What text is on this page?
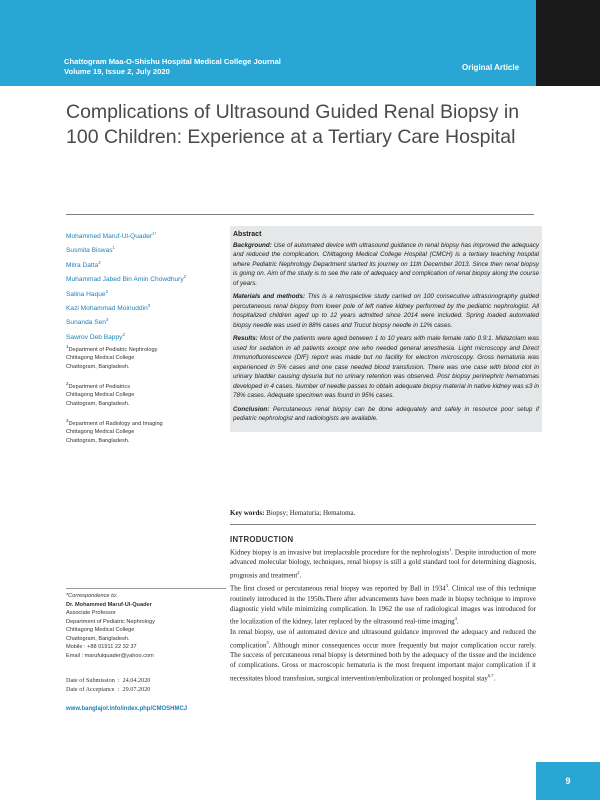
Chattogram Maa-O-Shishu Hospital Medical College Journal
Volume 19, Issue 2, July 2020	Original Article
Complications of Ultrasound Guided Renal Biopsy in 100 Children: Experience at a Tertiary Care Hospital
Mohammed Maruf-Ul-Quader$^{1*}$
Susmita Biswas$^1$
Mitra Datta$^2$
Muhammad Jabed Bin Amin Chowdhury$^2$
Salina Haque$^2$
Kazi Mohammad Moinuddin$^3$
Sunanda Sen$^3$
Sawrov Deb Bappy$^2$
$^1$Department of Pediatric Nephrology
Chittagong Medical College
Chattogram, Bangladesh.
$^2$Department of Pediatrics
Chittagong Medical College
Chattogram, Bangladesh.
$^3$Department of Radiology and Imaging
Chittagong Medical College
Chattogram, Bangladesh.
*Correspondence to:
Dr. Mohammed Maruf-Ul-Quader
Associate Professor
Department of Pediatric Nephrology
Chittagong Medical College
Chattogram, Bangladesh.
Mobile : +88 01911 22 32 37
Email : marufulquader@yahoo.com
Date of Submission	:	24.04.2020
Date of Acceptance	:	29.07.2020
www.banglajol.info/index.php/CMOSHMCJ
Abstract

Background: Use of automated device with ultrasound guidance in renal biopsy has improved the adequacy and reduced the complication. Chittagong Medical College Hospital (CMCH) is a tertiary teaching hospital where Pediatric Nephrology Department started its journey on 11th December 2013. Since then renal biopsy is going on. Aim of the study is to see the rate of adequacy and complication of renal biopsy along the course of years.

Materials and methods: This is a retrospective study carried on 100 consecutive ultrasonography guided percutaneous renal biopsy from lower pole of left native kidney performed by the pediatric nephrologist. All hospitalized children aged up to 12 years admitted since 2014 were included. Spring loaded automated biopsy needle was used in 88% cases and Trucut biopsy needle in 12% cases.

Results: Most of the patients were aged between 1 to 10 years with male female ratio 0.9:1. Midazolam was used for sedation in all patients except one who needed general anesthesia. Light microscopy and Direct Immunofluorescence (DIF) report was made but no facility for electron microscopy. Gross hematuria was experienced in 5% cases and one case needed blood transfusion. There was one case with blood clot in urinary bladder causing dysuria but no urinary retention was observed. Post biopsy perinephric hematomas developed in 4 cases. Number of needle passes to obtain adequate biopsy material in native kidney was ≤3 in 78% cases. Adequate specimen was found in 95% cases.

Conclusion: Percutaneous renal biopsy can be done adequately and safely in resource poor setup if pediatric nephrologist and radiologists are available.

Key words: Biopsy; Hematuria; Hematoma.
INTRODUCTION

Kidney biopsy is an invasive but irreplaceable procedure for the nephrologists$^1$. Despite introduction of more advanced molecular biology, techniques, renal biopsy is still a gold standard tool for determining diagnosis, prognosis and treatment$^2$.

The first closed or percutaneous renal biopsy was reported by Ball in 1934$^3$. Clinical use of this technique routinely introduced in the 1950s.There after advancements have been made in biopsy technique to improve diagnostic yield while minimizing complication. In 1962 the use of radiological images was introduced for the localization of the kidney, later replaced by the ultrasound real-time imaging$^4$.

In renal biopsy, use of automated device and ultrasound guidance improved the adequacy and reduced the complication$^5$. Although minor consequences occur more frequently but major complication occur rarely. The success of percutaneous renal biopsy is determined both by the adequacy of the tissue and the incidence of complications. Gross or macroscopic hematuria is the most frequent important major complication if it necessitates blood transfusion, surgical intervention/embolization or prolonged hospital stay$^{6,7}$.

9
